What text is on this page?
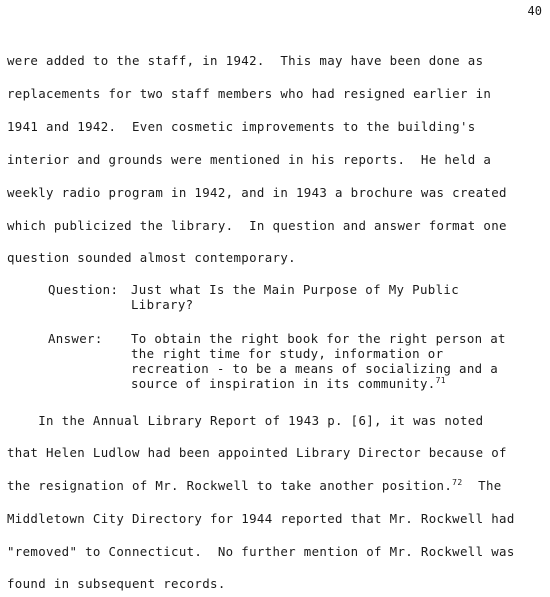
40
were added to the staff, in 1942.  This may have been done as
replacements for two staff members who had resigned earlier in
1941 and 1942.  Even cosmetic improvements to the building's
interior and grounds were mentioned in his reports.  He held a
weekly radio program in 1942, and in 1943 a brochure was created
which publicized the library.  In question and answer format one
question sounded almost contemporary.
Question: Just what Is the Main Purpose of My Public
Library?
Answer: To obtain the right book for the right person at
the right time for study, information or
recreation - to be a means of socializing and a
source of inspiration in its community.$^{71}$
In the Annual Library Report of 1943 p. [6], it was noted
that Helen Ludlow had been appointed Library Director because of
the resignation of Mr. Rockwell to take another position.$^{72}$  The
Middletown City Directory for 1944 reported that Mr. Rockwell had
"removed" to Connecticut.  No further mention of Mr. Rockwell was
found in subsequent records.
